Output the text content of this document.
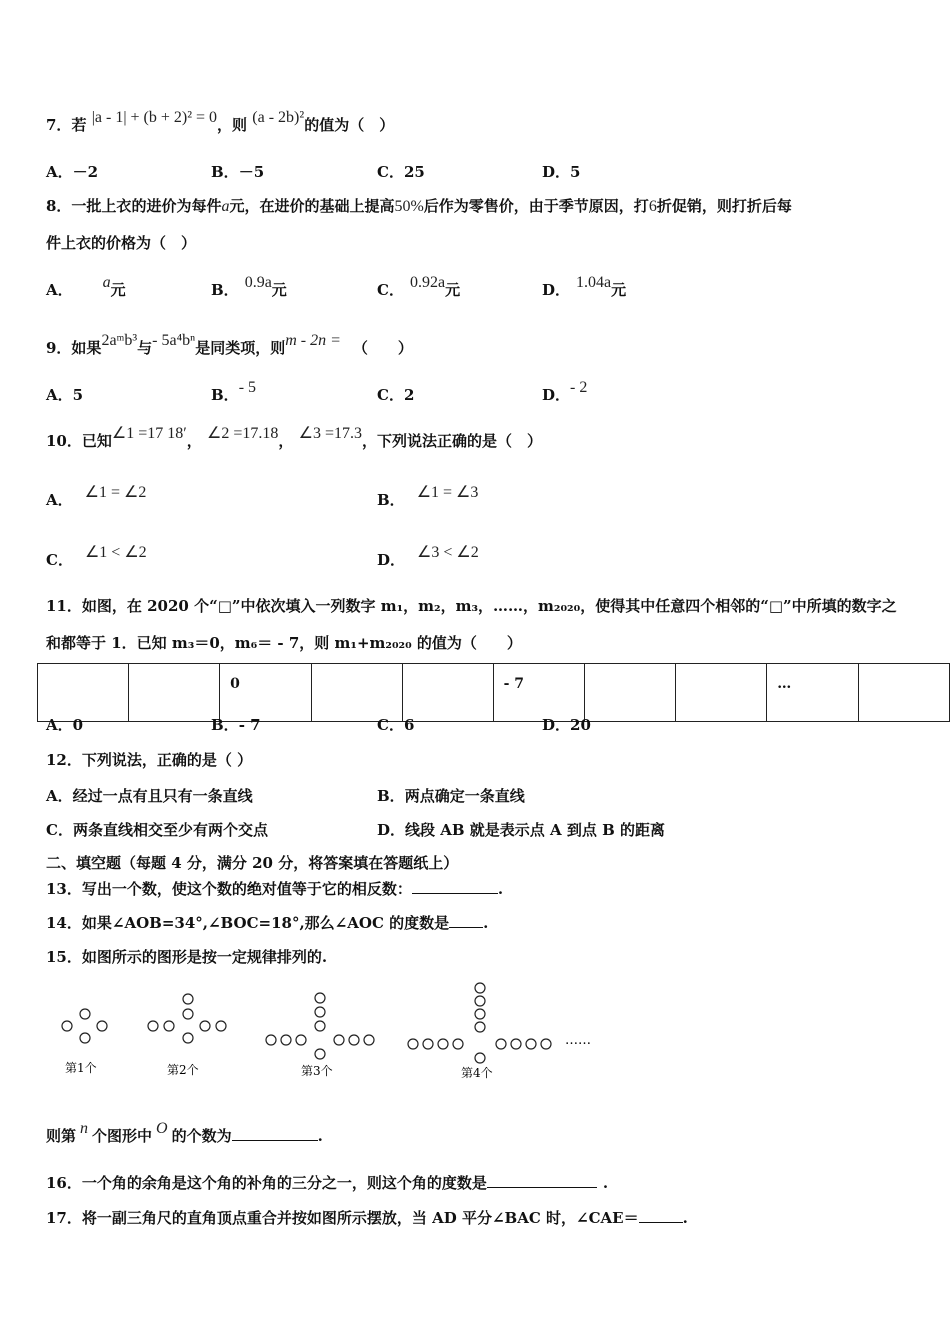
7．若 |a - 1| + (b + 2)² = 0，则 (a - 2b)²的值为（　）
A．－2	B．－5	C．25	D．5
8．一批上衣的进价为每件a元，在进价的基础上提高50%后作为零售价，由于季节原因，打6折促销，则打折后每
件上衣的价格为（　）
A． a元	B． 0.9a元	C． 0.92a元	D． 1.04a元
9．如果2aᵐb³与- 5a⁴bⁿ是同类项，则m - 2n = （　　）
A．5	B．- 5	C．2	D．- 2
10．已知∠1 =17 18′， ∠2 =17.18， ∠3 =17.3，下列说法正确的是（　）
A． ∠1 = ∠2	B． ∠1 = ∠3
C． ∠1 < ∠2	D． ∠3 < ∠2
11．如图，在 2020 个“□”中依次填入一列数字 m₁，m₂，m₃，……，m₂₀₂₀，使得其中任意四个相邻的“□”中所填的数字之
和都等于 1．已知 m₃＝0，m₆＝ - 7，则 m₁+m₂₀₂₀ 的值为（　　）
		0			- 7			…	
A．0	B．- 7	C．6	D．20
12．下列说法，正确的是（ ）
A．经过一点有且只有一条直线	B．两点确定一条直线
C．两条直线相交至少有两个交点	D．线段 AB 就是表示点 A 到点 B 的距离
二、填空题（每题 4 分，满分 20 分，将答案填在答题纸上）
13．写出一个数，使这个数的绝对值等于它的相反数：	.
14．如果∠AOB=34°,∠BOC=18°,那么∠AOC 的度数是 .
15．如图所示的图形是按一定规律排列的.
第1个	第2个	第3个	第4个
……
则第 n 个图形中 O 的个数为	.
16．一个角的余角是这个角的补角的三分之一，则这个角的度数是	.
17．将一副三角尺的直角顶点重合并按如图所示摆放，当 AD 平分∠BAC 时，∠CAE＝	.
